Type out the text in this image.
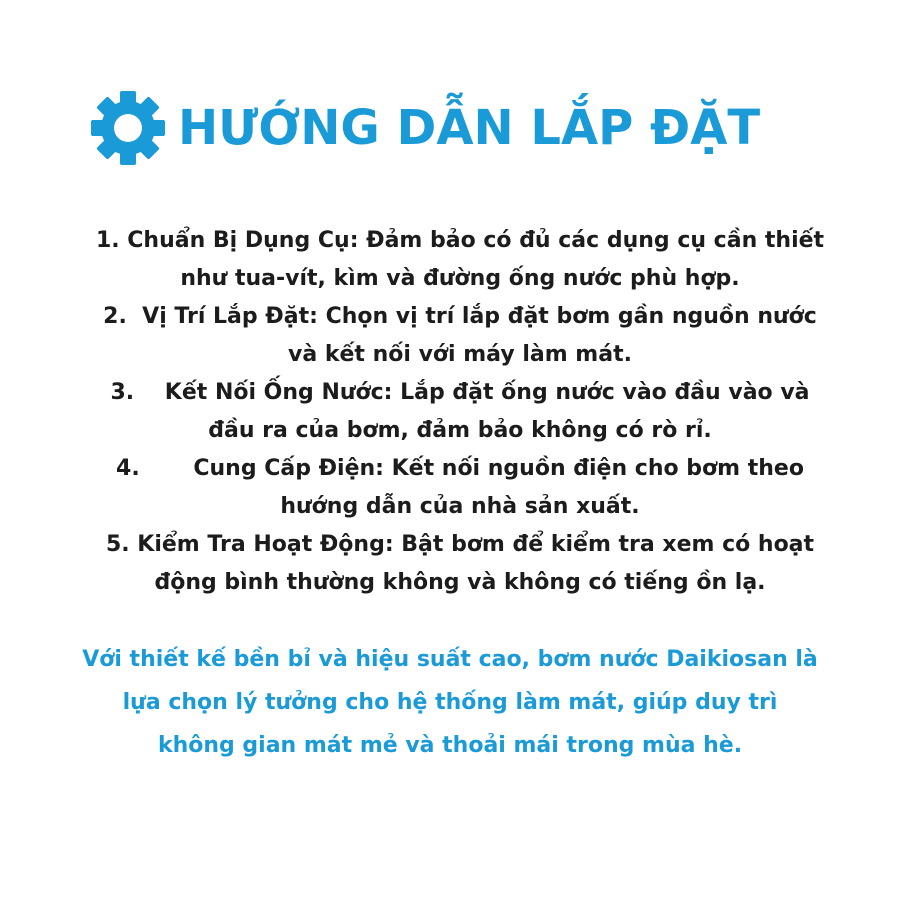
HƯỚNG DẪN LẮP ĐẶT
1. Chuẩn Bị Dụng Cụ: Đảm bảo có đủ các dụng cụ cần thiết
như tua-vít, kìm và đường ống nước phù hợp.
2. Vị Trí Lắp Đặt: Chọn vị trí lắp đặt bơm gần nguồn nước
và kết nối với máy làm mát.
3. Kết Nối Ống Nước: Lắp đặt ống nước vào đầu vào và
đầu ra của bơm, đảm bảo không có rò rỉ.
4. Cung Cấp Điện: Kết nối nguồn điện cho bơm theo
hướng dẫn của nhà sản xuất.
5. Kiểm Tra Hoạt Động: Bật bơm để kiểm tra xem có hoạt
động bình thường không và không có tiếng ồn lạ.
Với thiết kế bền bỉ và hiệu suất cao, bơm nước Daikiosan là
lựa chọn lý tưởng cho hệ thống làm mát, giúp duy trì
không gian mát mẻ và thoải mái trong mùa hè.
